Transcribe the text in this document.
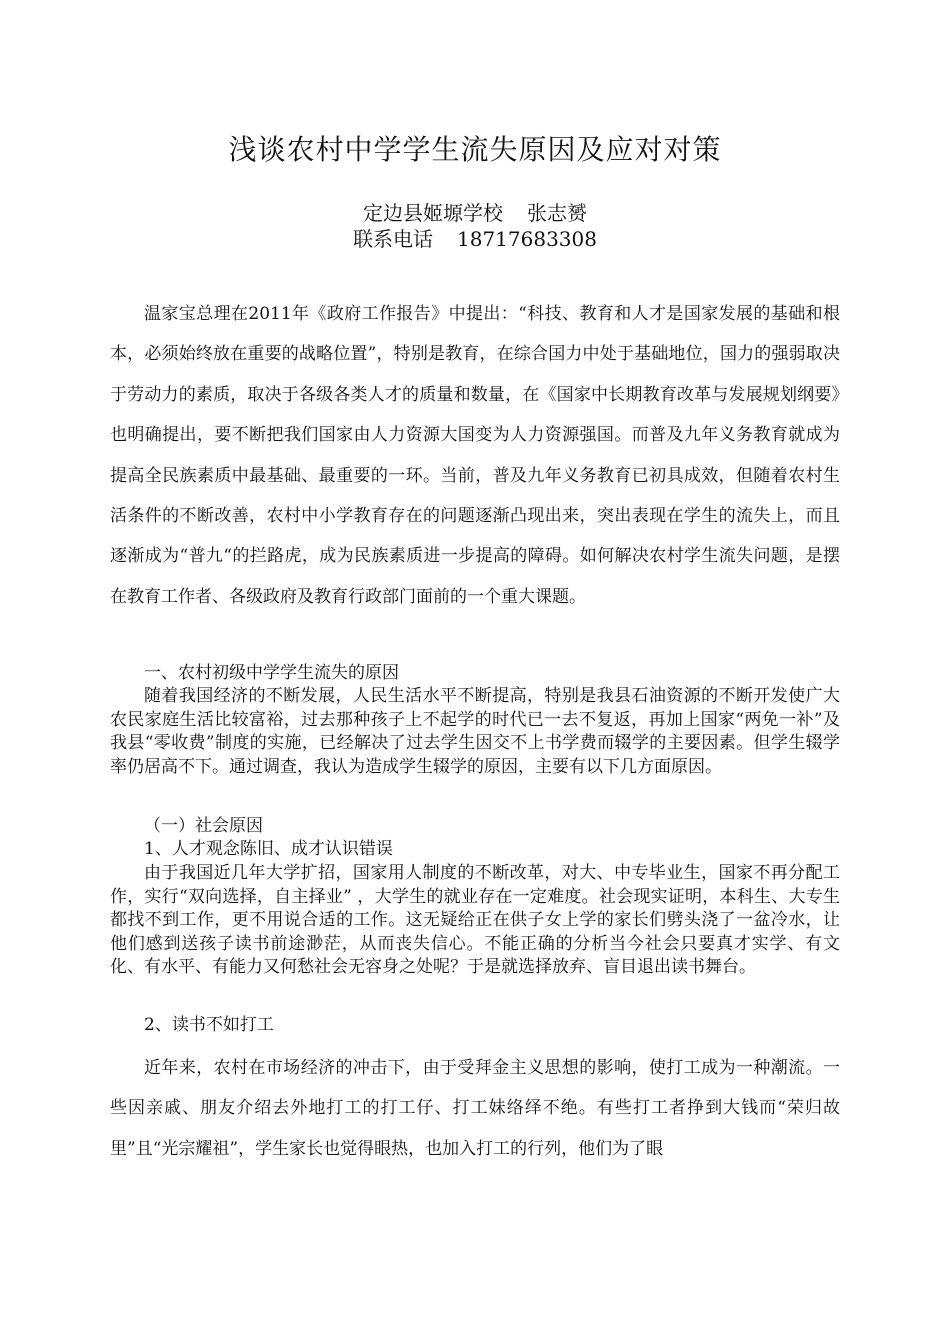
浅谈农村中学学生流失原因及应对对策
定边县姬塬学校 张志赟
联系电话 18717683308

温家宝总理在2011年《政府工作报告》中提出：“科技、教育和人才是国家发展的基础和根本，必须始终放在重要的战略位置”，特别是教育，在综合国力中处于基础地位，国力的强弱取决于劳动力的素质，取决于各级各类人才的质量和数量，在《国家中长期教育改革与发展规划纲要》也明确提出，要不断把我们国家由人力资源大国变为人力资源强国。而普及九年义务教育就成为提高全民族素质中最基础、最重要的一环。当前，普及九年义务教育已初具成效，但随着农村生活条件的不断改善，农村中小学教育存在的问题逐渐凸现出来，突出表现在学生的流失上，而且逐渐成为“普九“的拦路虎，成为民族素质进一步提高的障碍。如何解决农村学生流失问题，是摆在教育工作者、各级政府及教育行政部门面前的一个重大课题。

一、农村初级中学学生流失的原因

随着我国经济的不断发展，人民生活水平不断提高，特别是我县石油资源的不断开发使广大农民家庭生活比较富裕，过去那种孩子上不起学的时代已一去不复返，再加上国家“两免一补”及我县“零收费”制度的实施，已经解决了过去学生因交不上书学费而辍学的主要因素。但学生辍学率仍居高不下。通过调查，我认为造成学生辍学的原因，主要有以下几方面原因。

（一）社会原因

1、人才观念陈旧、成才认识错误

由于我国近几年大学扩招，国家用人制度的不断改革，对大、中专毕业生，国家不再分配工作，实行“双向选择，自主择业” ，大学生的就业存在一定难度。社会现实证明，本科生、大专生都找不到工作，更不用说合适的工作。这无疑给正在供子女上学的家长们劈头浇了一盆冷水，让他们感到送孩子读书前途渺茫，从而丧失信心。不能正确的分析当今社会只要真才实学、有文化、有水平、有能力又何愁社会无容身之处呢？于是就选择放弃、盲目退出读书舞台。

2、读书不如打工

近年来，农村在市场经济的冲击下，由于受拜金主义思想的影响，使打工成为一种潮流。一些因亲戚、朋友介绍去外地打工的打工仔、打工妹络绎不绝。有些打工者挣到大钱而“荣归故里”且“光宗耀祖”，学生家长也觉得眼热，也加入打工的行列，他们为了眼
